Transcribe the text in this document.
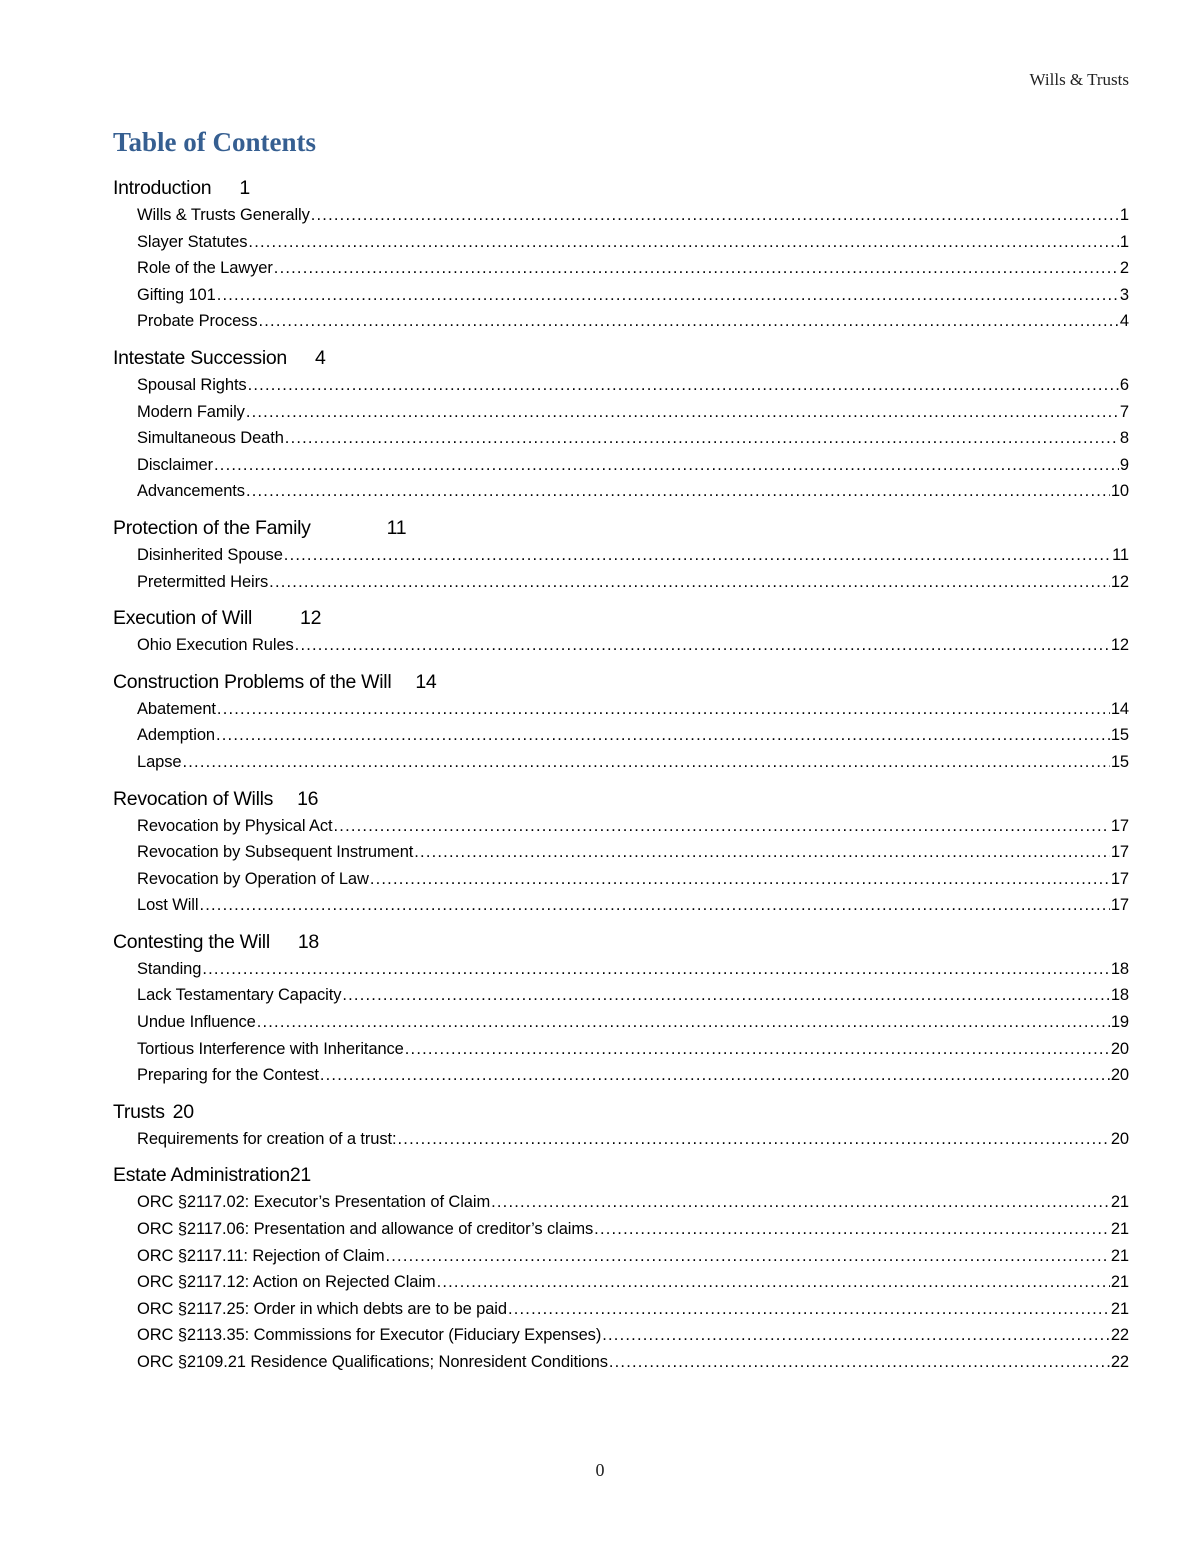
Wills & Trusts
Table of Contents
Introduction 1
Wills & Trusts Generally .....	1
Slayer Statutes .....	1
Role of the Lawyer .....	2
Gifting 101 .....	3
Probate Process .....	4
Intestate Succession 4
Spousal Rights .....	6
Modern Family .....	7
Simultaneous Death .....	8
Disclaimer .....	9
Advancements .....	10
Protection of the Family	11
Disinherited Spouse .....	11
Pretermitted Heirs .....	12
Execution of Will 12
Ohio Execution Rules .....	12
Construction Problems of the Will 14
Abatement .....	14
Ademption .....	15
Lapse .....	15
Revocation of Wills 16
Revocation by Physical Act .....	17
Revocation by Subsequent Instrument .....	17
Revocation by Operation of Law .....	17
Lost Will .....	17
Contesting the Will 18
Standing .....	18
Lack Testamentary Capacity .....	18
Undue Influence .....	19
Tortious Interference with Inheritance .....	20
Preparing for the Contest .....	20
Trusts 20
Requirements for creation of a trust: .....	20
Estate Administration21
ORC §2117.02: Executor’s Presentation of Claim .....	21
ORC §2117.06: Presentation and allowance of creditor’s claims .....	21
ORC §2117.11: Rejection of Claim .....	21
ORC §2117.12: Action on Rejected Claim .....	21
ORC §2117.25: Order in which debts are to be paid .....	21
ORC §2113.35: Commissions for Executor (Fiduciary Expenses) .....	22
ORC §2109.21 Residence Qualifications; Nonresident Conditions .....	22
0
